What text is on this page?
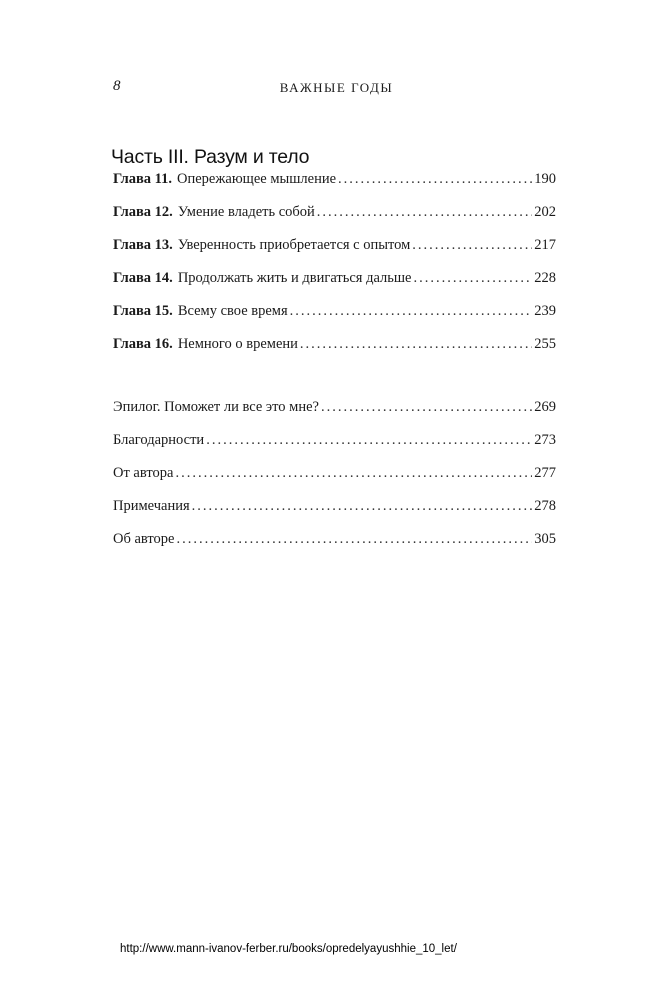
8	ВАЖНЫЕ ГОДЫ
Часть III. Разум и тело
Глава 11. Опережающее мышление .....	190
Глава 12. Умение владеть собой .....	202
Глава 13. Уверенность приобретается с опытом .....	217
Глава 14. Продолжать жить и двигаться дальше .....	228
Глава 15. Всему свое время .....	239
Глава 16. Немного о времени .....	255
Эпилог. Поможет ли все это мне? .....	269
Благодарности .....	273
От автора .....	277
Примечания .....	278
Об авторе .....	305
http://www.mann-ivanov-ferber.ru/books/opredelyayushhie_10_let/
